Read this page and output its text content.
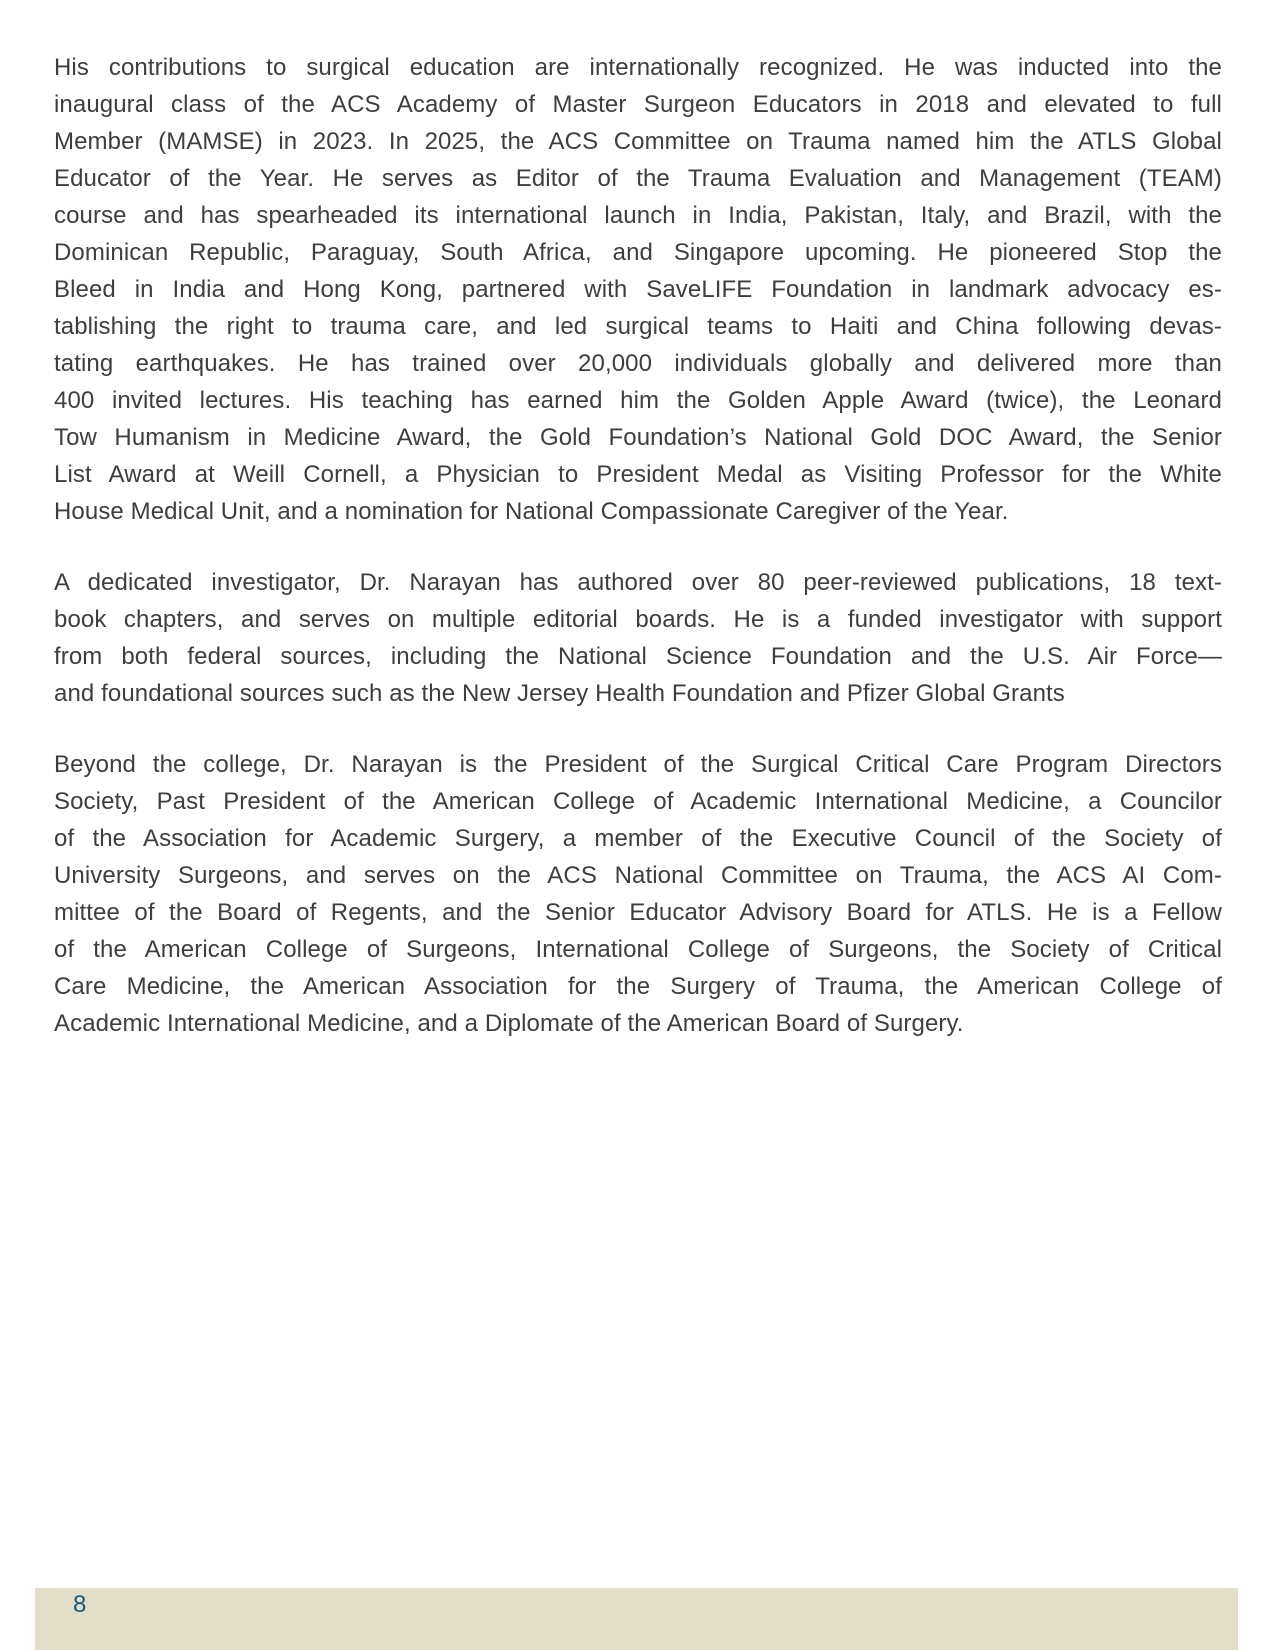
His contributions to surgical education are internationally recognized. He was inducted into the
inaugural class of the ACS Academy of Master Surgeon Educators in 2018 and elevated to full
Member (MAMSE) in 2023. In 2025, the ACS Committee on Trauma named him the ATLS Global
Educator of the Year. He serves as Editor of the Trauma Evaluation and Management (TEAM)
course and has spearheaded its international launch in India, Pakistan, Italy, and Brazil, with the
Dominican Republic, Paraguay, South Africa, and Singapore upcoming. He pioneered Stop the
Bleed in India and Hong Kong, partnered with SaveLIFE Foundation in landmark advocacy es-
tablishing the right to trauma care, and led surgical teams to Haiti and China following devas-
tating earthquakes. He has trained over 20,000 individuals globally and delivered more than
400 invited lectures. His teaching has earned him the Golden Apple Award (twice), the Leonard
Tow Humanism in Medicine Award, the Gold Foundation’s National Gold DOC Award, the Senior
List Award at Weill Cornell, a Physician to President Medal as Visiting Professor for the White
House Medical Unit, and a nomination for National Compassionate Caregiver of the Year.
A dedicated investigator, Dr. Narayan has authored over 80 peer-reviewed publications, 18 text-
book chapters, and serves on multiple editorial boards. He is a funded investigator with support
from both federal sources, including the National Science Foundation and the U.S. Air Force—
and foundational sources such as the New Jersey Health Foundation and Pfizer Global Grants
Beyond the college, Dr. Narayan is the President of the Surgical Critical Care Program Directors
Society, Past President of the American College of Academic International Medicine, a Councilor
of the Association for Academic Surgery, a member of the Executive Council of the Society of
University Surgeons, and serves on the ACS National Committee on Trauma, the ACS AI Com-
mittee of the Board of Regents, and the Senior Educator Advisory Board for ATLS. He is a Fellow
of the American College of Surgeons, International College of Surgeons, the Society of Critical
Care Medicine, the American Association for the Surgery of Trauma, the American College of
Academic International Medicine, and a Diplomate of the American Board of Surgery.
8
